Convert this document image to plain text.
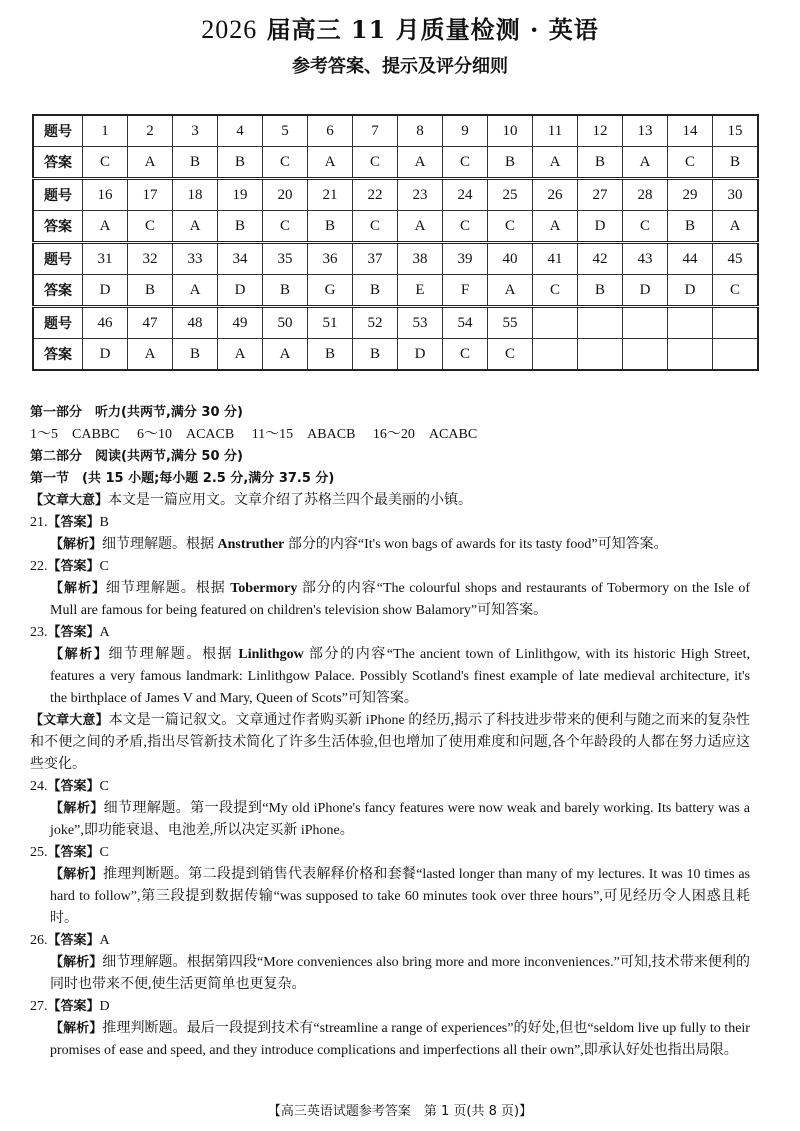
2026 届高三 11 月质量检测 · 英语
参考答案、提示及评分细则
题号	1	2	3	4	5	6	7	8	9	10	11	12	13	14	15
答案	C	A	B	B	C	A	C	A	C	B	A	B	A	C	B
题号	16	17	18	19	20	21	22	23	24	25	26	27	28	29	30
答案	A	C	A	B	C	B	C	A	C	C	A	D	C	B	A
题号	31	32	33	34	35	36	37	38	39	40	41	42	43	44	45
答案	D	B	A	D	B	G	B	E	F	A	C	B	D	D	C
题号	46	47	48	49	50	51	52	53	54	55					
答案	D	A	B	A	A	B	B	D	C	C					
第一部分　听力(共两节,满分 30 分)
1～5　CABBC 6～10　ACACB 11～15　ABACB 16～20　ACABC
第二部分　阅读(共两节,满分 50 分)
第一节　(共 15 小题;每小题 2.5 分,满分 37.5 分)
【文章大意】本文是一篇应用文。文章介绍了苏格兰四个最美丽的小镇。
21.【答案】B
【解析】细节理解题。根据 Anstruther 部分的内容“It's won bags of awards for its tasty food”可知答案。
22.【答案】C
【解析】细节理解题。根据 Tobermory 部分的内容“The colourful shops and restaurants of Tobermory on the Isle of Mull are famous for being featured on children's television show Balamory”可知答案。
23.【答案】A
【解析】细节理解题。根据 Linlithgow 部分的内容“The ancient town of Linlithgow, with its historic High Street, features a very famous landmark: Linlithgow Palace. Possibly Scotland's finest example of late medieval architecture, it's the birthplace of James V and Mary, Queen of Scots”可知答案。
【文章大意】本文是一篇记叙文。文章通过作者购买新 iPhone 的经历,揭示了科技进步带来的便利与随之而来的复杂性和不便之间的矛盾,指出尽管新技术简化了许多生活体验,但也增加了使用难度和问题,各个年龄段的人都在努力适应这些变化。
24.【答案】C
【解析】细节理解题。第一段提到“My old iPhone's fancy features were now weak and barely working. Its battery was a joke”,即功能衰退、电池差,所以决定买新 iPhone。
25.【答案】C
【解析】推理判断题。第二段提到销售代表解释价格和套餐“lasted longer than many of my lectures. It was 10 times as hard to follow”,第三段提到数据传输“was supposed to take 60 minutes took over three hours”,可见经历令人困惑且耗时。
26.【答案】A
【解析】细节理解题。根据第四段“More conveniences also bring more and more inconveniences.”可知,技术带来便利的同时也带来不便,使生活更简单也更复杂。
27.【答案】D
【解析】推理判断题。最后一段提到技术有“streamline a range of experiences”的好处,但也“seldom live up fully to their promises of ease and speed, and they introduce complications and imperfections all their own”,即承认好处也指出局限。
【高三英语试题参考答案　第 1 页(共 8 页)】
